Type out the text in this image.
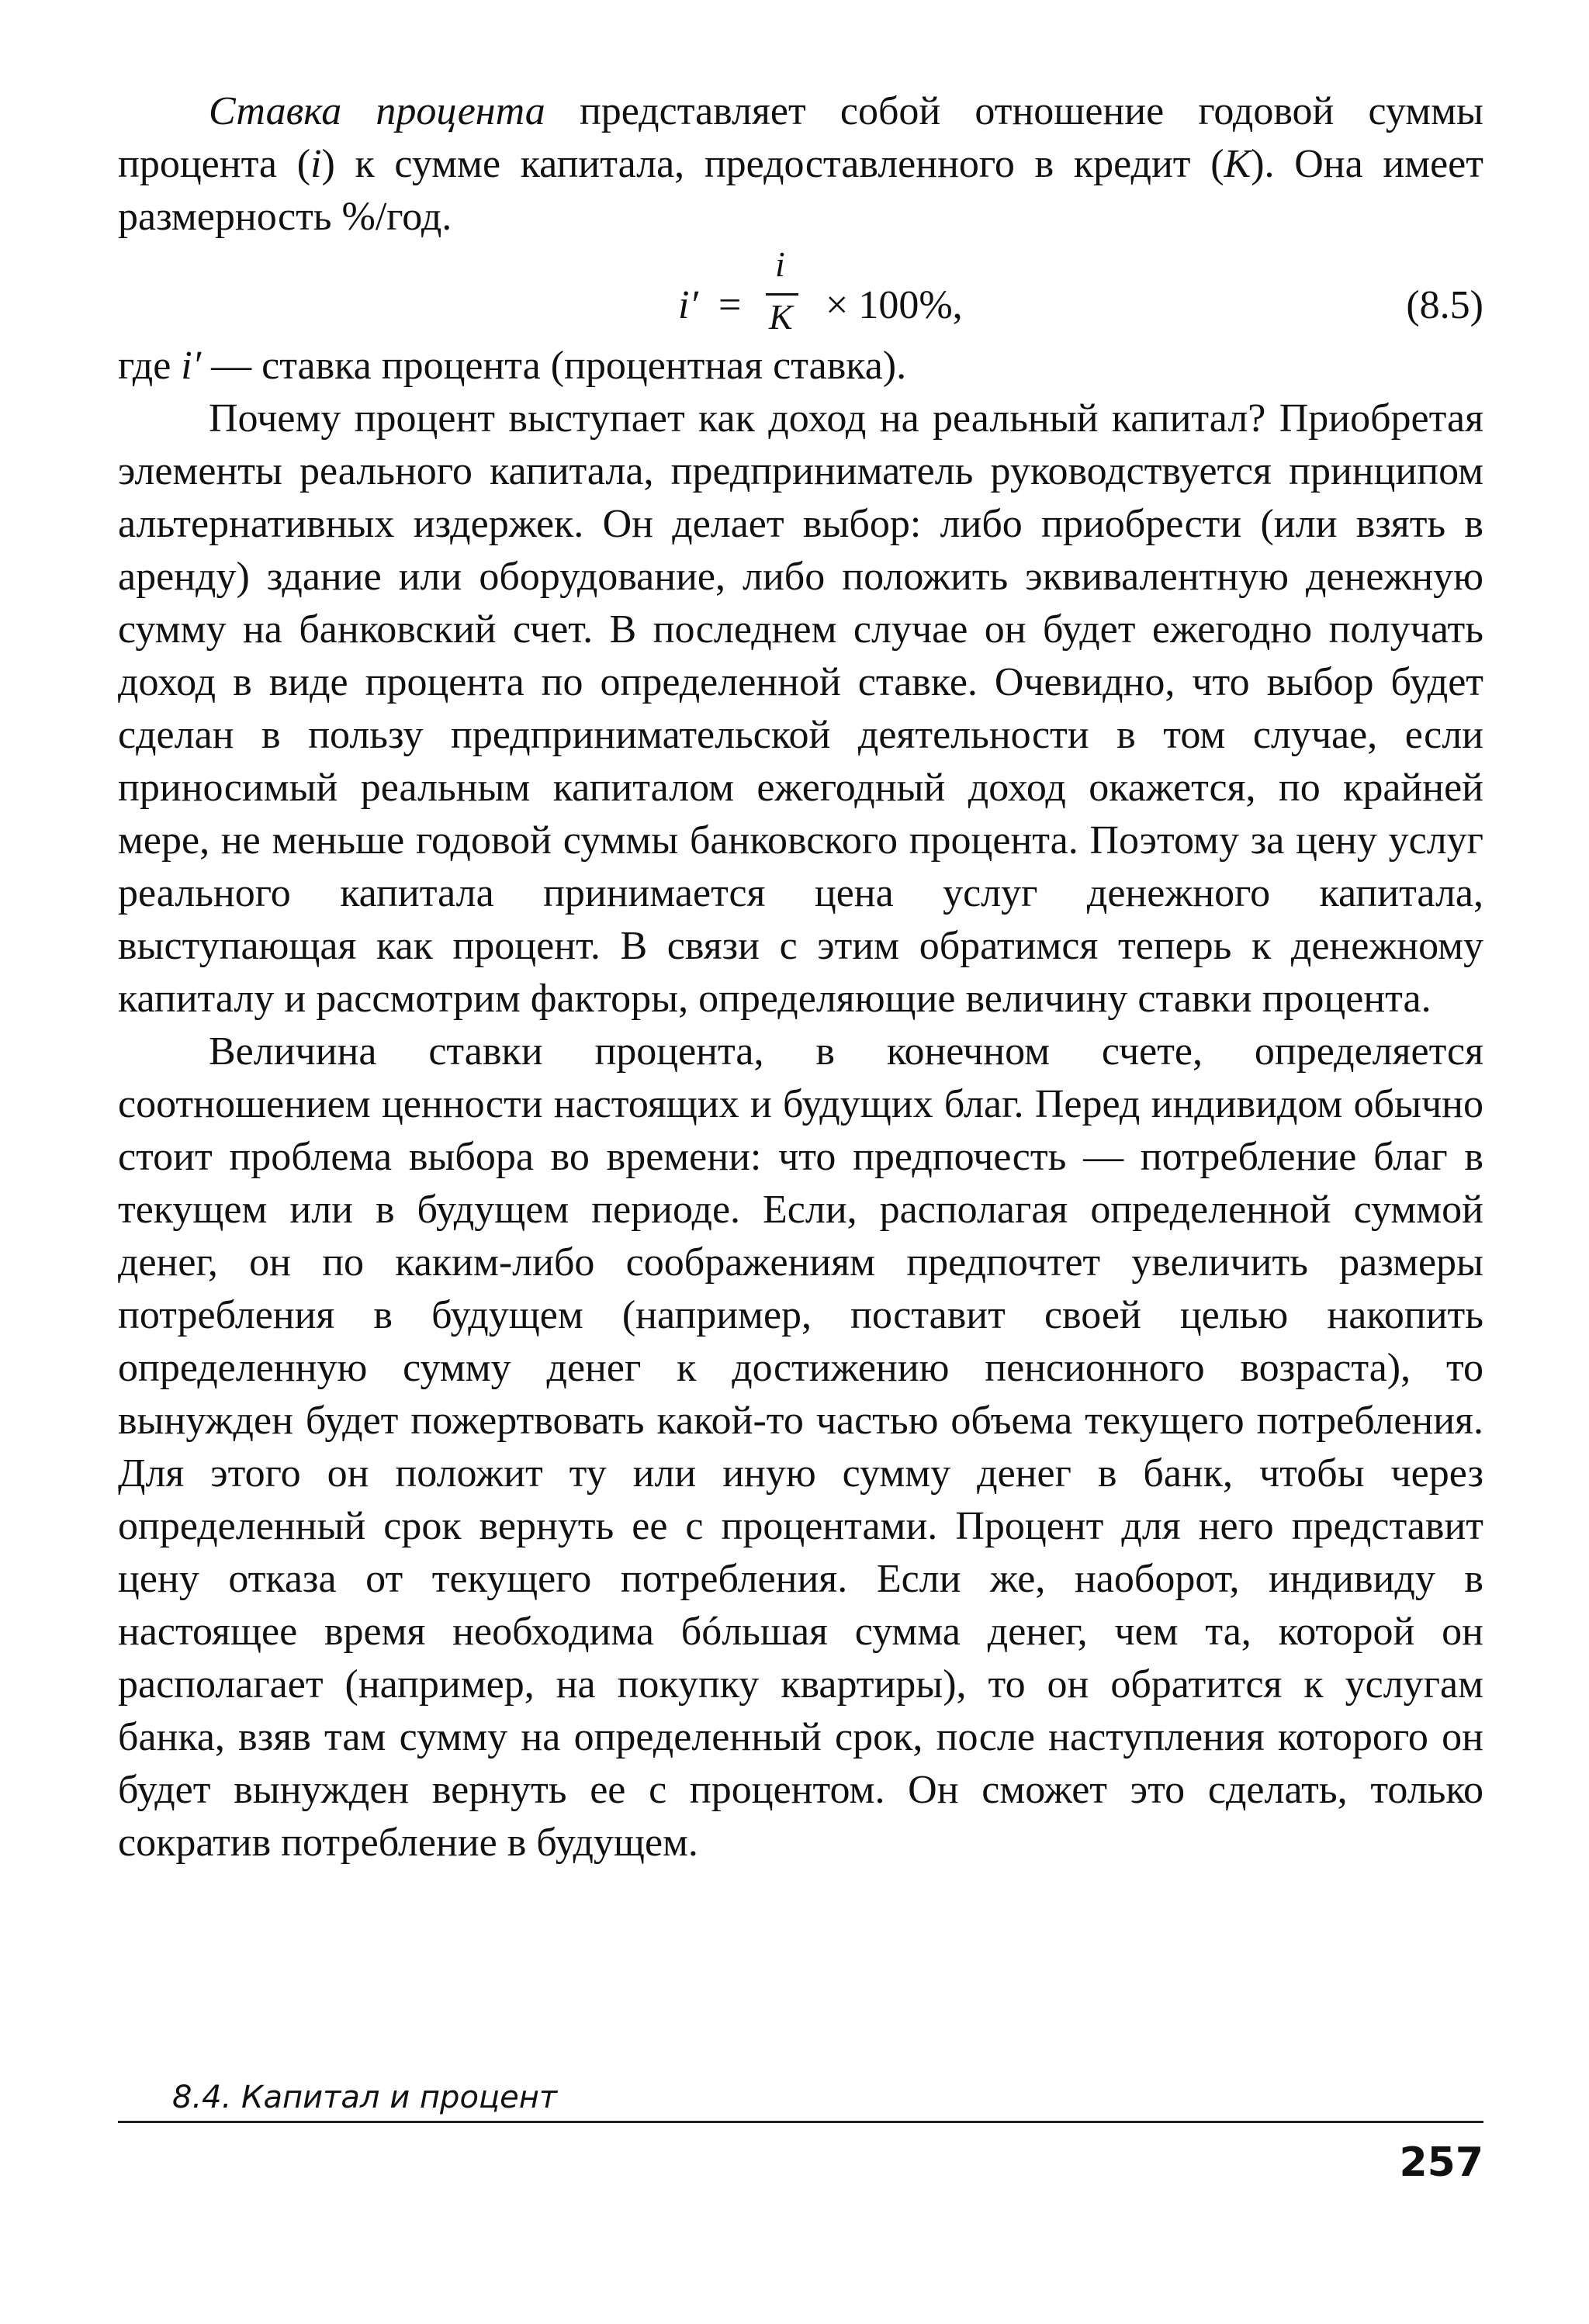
Ставка процента представляет собой отношение годовой суммы процента (i) к сумме капитала, предоставленного в кредит (K). Она имеет размерность %/год.

i′ =
i
K × 100%,	(8.5)

где i′ — ставка процента (процентная ставка).

Почему процент выступает как доход на реальный капитал? Приобретая элементы реального капитала, предприниматель руководствуется принципом альтернативных издержек. Он делает выбор: либо приобрести (или взять в аренду) здание или оборудование, либо положить эквивалентную денежную сумму на банковский счет. В последнем случае он будет ежегодно получать доход в виде процента по определенной ставке. Очевидно, что выбор будет сделан в пользу предпринимательской деятельности в том случае, если приносимый реальным капиталом ежегодный доход окажется, по крайней мере, не меньше годовой суммы банковского процента. Поэтому за цену услуг реального капитала принимается цена услуг денежного капитала, выступающая как процент. В связи с этим обратимся теперь к денежному капиталу и рассмотрим факторы, определяющие величину ставки процента.

Величина ставки процента, в конечном счете, определяется соотношением ценности настоящих и будущих благ. Перед индивидом обычно стоит проблема выбора во времени: что предпочесть — потребление благ в текущем или в будущем периоде. Если, располагая определенной суммой денег, он по каким-либо соображениям предпочтет увеличить размеры потребления в будущем (например, поставит своей целью накопить определенную сумму денег к достижению пенсионного возраста), то вынужден будет пожертвовать какой-то частью объема текущего потребления. Для этого он положит ту или иную сумму денег в банк, чтобы через определенный срок вернуть ее с процентами. Процент для него представит цену отказа от текущего потребления. Если же, наоборот, индивиду в настоящее время необходима бóльшая сумма денег, чем та, которой он располагает (например, на покупку квартиры), то он обратится к услугам банка, взяв там сумму на определенный срок, после наступления которого он будет вынужден вернуть ее с процентом. Он сможет это сделать, только сократив потребление в будущем.

8.4. Капитал и процент
257
